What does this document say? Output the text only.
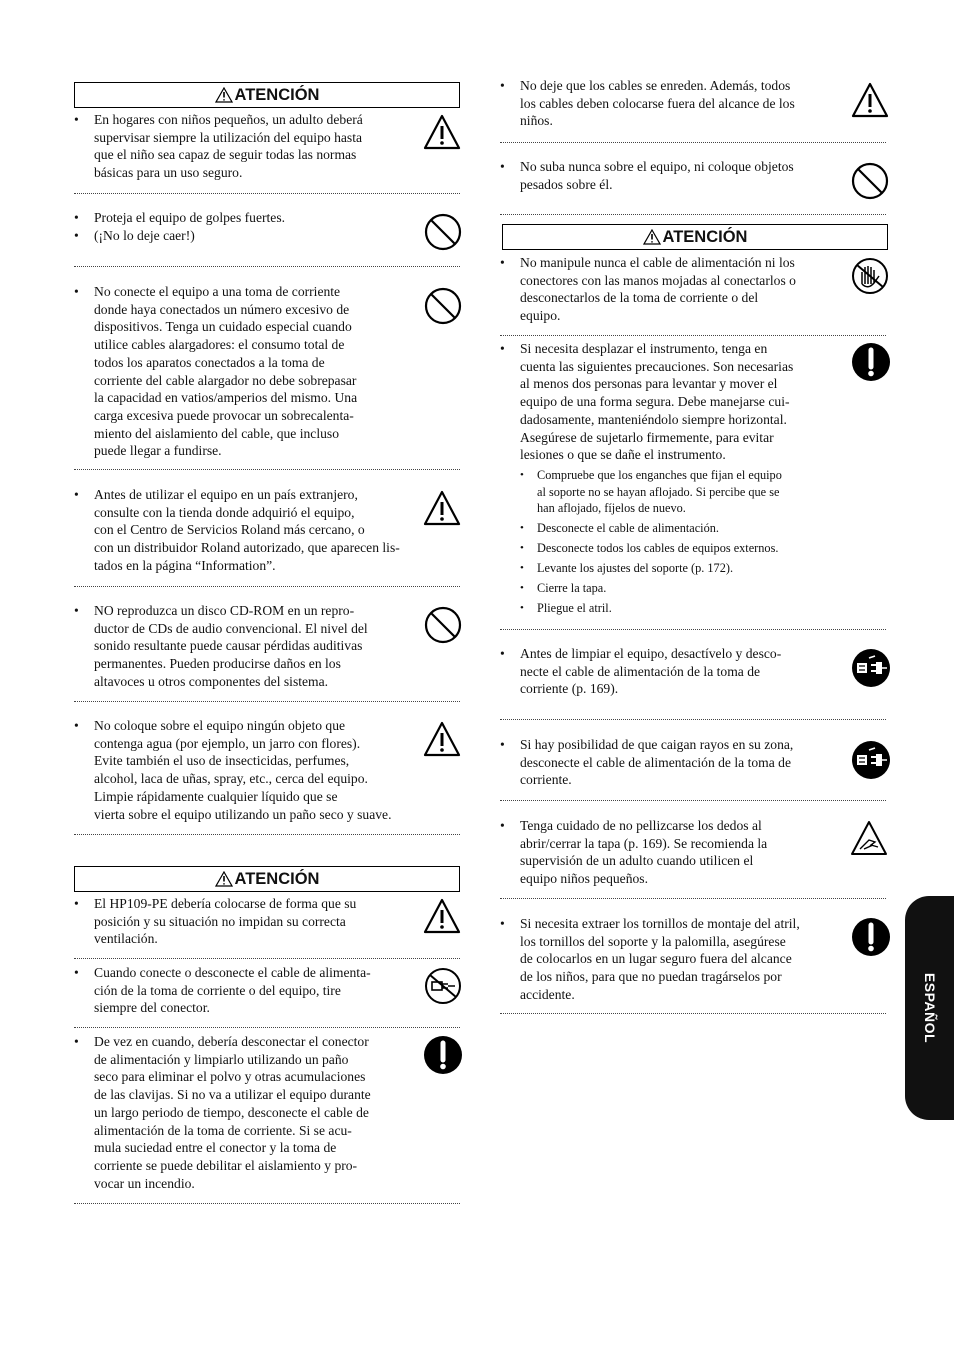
ATENCIÓN
• En hogares con niños pequeños, un adulto deberá
supervisar siempre la utilización del equipo hasta
que el niño sea capaz de seguir todas las normas
básicas para un uso seguro.
• Proteja el equipo de golpes fuertes.
• (¡No lo deje caer!)
• No conecte el equipo a una toma de corriente
donde haya conectados un número excesivo de
dispositivos. Tenga un cuidado especial cuando
utilice cables alargadores: el consumo total de
todos los aparatos conectados a la toma de
corriente del cable alargador no debe sobrepasar
la capacidad en vatios/amperios del mismo. Una
carga excesiva puede provocar un sobrecalenta-
miento del aislamiento del cable, que incluso
puede llegar a fundirse.
• Antes de utilizar el equipo en un país extranjero,
consulte con la tienda donde adquirió el equipo,
con el Centro de Servicios Roland más cercano, o
con un distribuidor Roland autorizado, que aparecen lis-
tados en la página “Information”.
• NO reproduzca un disco CD-ROM en un repro-
ductor de CDs de audio convencional. El nivel del
sonido resultante puede causar pérdidas auditivas
permanentes. Pueden producirse daños en los
altavoces u otros componentes del sistema.
• No coloque sobre el equipo ningún objeto que
contenga agua (por ejemplo, un jarro con flores).
Evite también el uso de insecticidas, perfumes,
alcohol, laca de uñas, spray, etc., cerca del equipo.
Limpie rápidamente cualquier líquido que se
vierta sobre el equipo utilizando un paño seco y suave.
ATENCIÓN
• El HP109-PE debería colocarse de forma que su
posición y su situación no impidan su correcta
ventilación.
• Cuando conecte o desconecte el cable de alimenta-
ción de la toma de corriente o del equipo, tire
siempre del conector.
• De vez en cuando, debería desconectar el conector
de alimentación y limpiarlo utilizando un paño
seco para eliminar el polvo y otras acumulaciones
de las clavijas. Si no va a utilizar el equipo durante
un largo periodo de tiempo, desconecte el cable de
alimentación de la toma de corriente. Si se acu-
mula suciedad entre el conector y la toma de
corriente se puede debilitar el aislamiento y pro-
vocar un incendio.
• No deje que los cables se enreden. Además, todos
los cables deben colocarse fuera del alcance de los
niños.
• No suba nunca sobre el equipo, ni coloque objetos
pesados sobre él.
ATENCIÓN
• No manipule nunca el cable de alimentación ni los
conectores con las manos mojadas al conectarlos o
desconectarlos de la toma de corriente o del
equipo.
• Si necesita desplazar el instrumento, tenga en
cuenta las siguientes precauciones. Son necesarias
al menos dos personas para levantar y mover el
equipo de una forma segura. Debe manejarse cui-
dadosamente, manteniéndolo siempre horizontal.
Asegúrese de sujetarlo firmemente, para evitar
lesiones o que se dañe el instrumento.
• Compruebe que los enganches que fijan el equipo
al soporte no se hayan aflojado. Si percibe que se
han aflojado, fíjelos de nuevo.
• Desconecte el cable de alimentación.
• Desconecte todos los cables de equipos externos.
• Levante los ajustes del soporte (p. 172).
• Cierre la tapa.
• Pliegue el atril.
• Antes de limpiar el equipo, desactívelo y desco-
necte el cable de alimentación de la toma de
corriente (p. 169).
• Si hay posibilidad de que caigan rayos en su zona,
desconecte el cable de alimentación de la toma de
corriente.
• Tenga cuidado de no pellizcarse los dedos al
abrir/cerrar la tapa (p. 169). Se recomienda la
supervisión de un adulto cuando utilicen el
equipo niños pequeños.
• Si necesita extraer los tornillos de montaje del atril,
los tornillos del soporte y la palomilla, asegúrese
de colocarlos en un lugar seguro fuera del alcance
de los niños, para que no puedan tragárselos por
accidente.	ESPAÑOL
